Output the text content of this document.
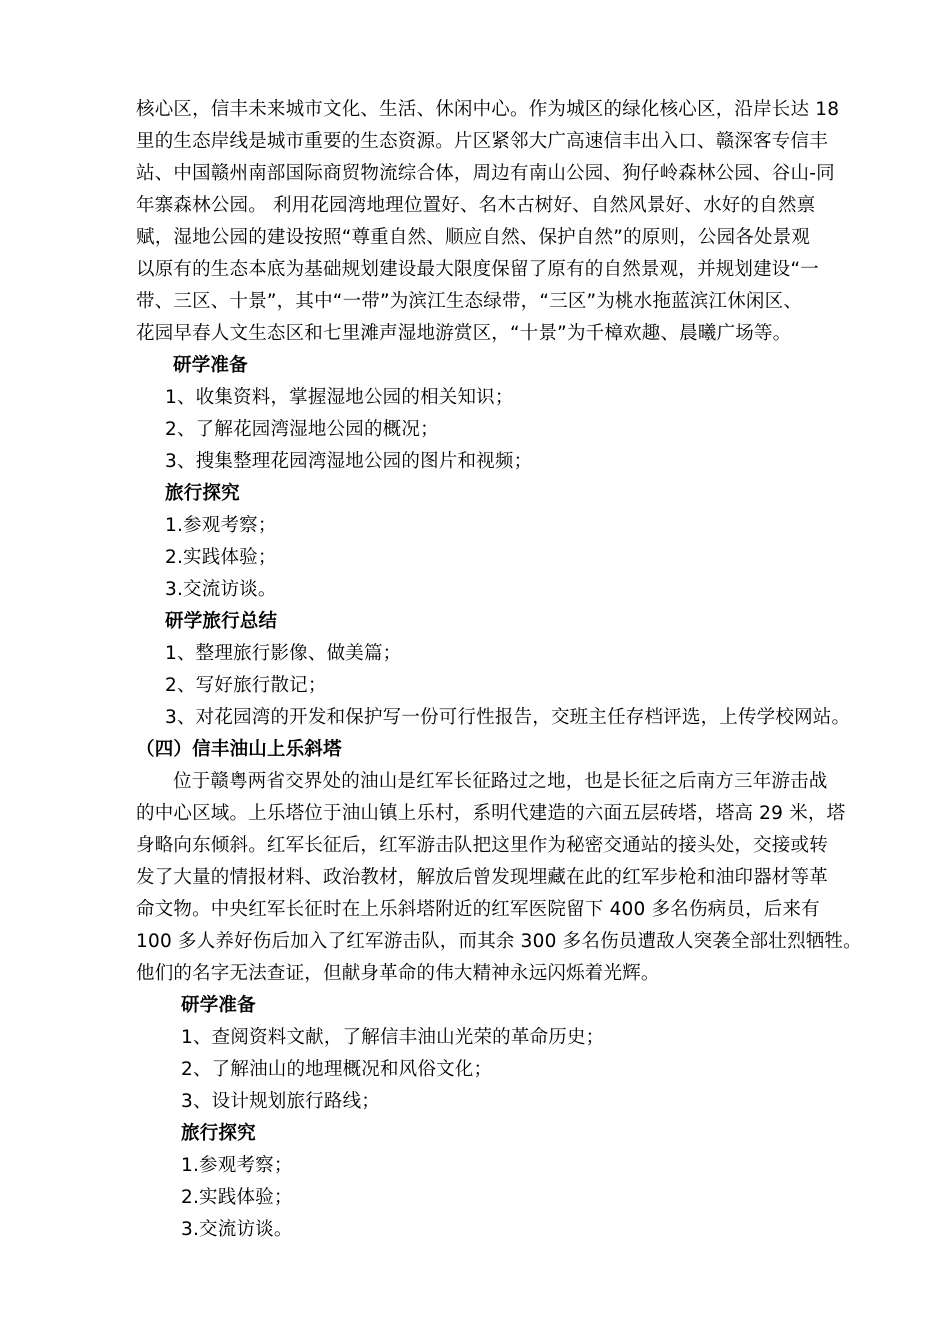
核心区，信丰未来城市文化、生活、休闲中心。作为城区的绿化核心区，沿岸长达 18
里的生态岸线是城市重要的生态资源。片区紧邻大广高速信丰出入口、赣深客专信丰
站、中国赣州南部国际商贸物流综合体，周边有南山公园、狗仔岭森林公园、谷山-同
年寨森林公园。 利用花园湾地理位置好、名木古树好、自然风景好、水好的自然禀
赋，湿地公园的建设按照“尊重自然、顺应自然、保护自然”的原则，公园各处景观
以原有的生态本底为基础规划建设最大限度保留了原有的自然景观，并规划建设“一
带、三区、十景”，其中“一带”为滨江生态绿带，“三区”为桃水拖蓝滨江休闲区、
花园早春人文生态区和七里滩声湿地游赏区，“十景”为千樟欢趣、晨曦广场等。
研学准备
1、收集资料，掌握湿地公园的相关知识；
2、了解花园湾湿地公园的概况；
3、搜集整理花园湾湿地公园的图片和视频；
旅行探究
1.参观考察；
2.实践体验；
3.交流访谈。
研学旅行总结
1、整理旅行影像、做美篇；
2、写好旅行散记；
3、对花园湾的开发和保护写一份可行性报告，交班主任存档评选，上传学校网站。
（四）信丰油山上乐斜塔
位于赣粤两省交界处的油山是红军长征路过之地，也是长征之后南方三年游击战
的中心区域。上乐塔位于油山镇上乐村，系明代建造的六面五层砖塔，塔高 29 米，塔
身略向东倾斜。红军长征后，红军游击队把这里作为秘密交通站的接头处，交接或转
发了大量的情报材料、政治教材，解放后曾发现埋藏在此的红军步枪和油印器材等革
命文物。中央红军长征时在上乐斜塔附近的红军医院留下 400 多名伤病员，后来有
100 多人养好伤后加入了红军游击队，而其余 300 多名伤员遭敌人突袭全部壮烈牺牲。
他们的名字无法查证，但献身革命的伟大精神永远闪烁着光辉。
研学准备
1、查阅资料文献，了解信丰油山光荣的革命历史；
2、了解油山的地理概况和风俗文化；
3、设计规划旅行路线；
旅行探究
1.参观考察；
2.实践体验；
3.交流访谈。
